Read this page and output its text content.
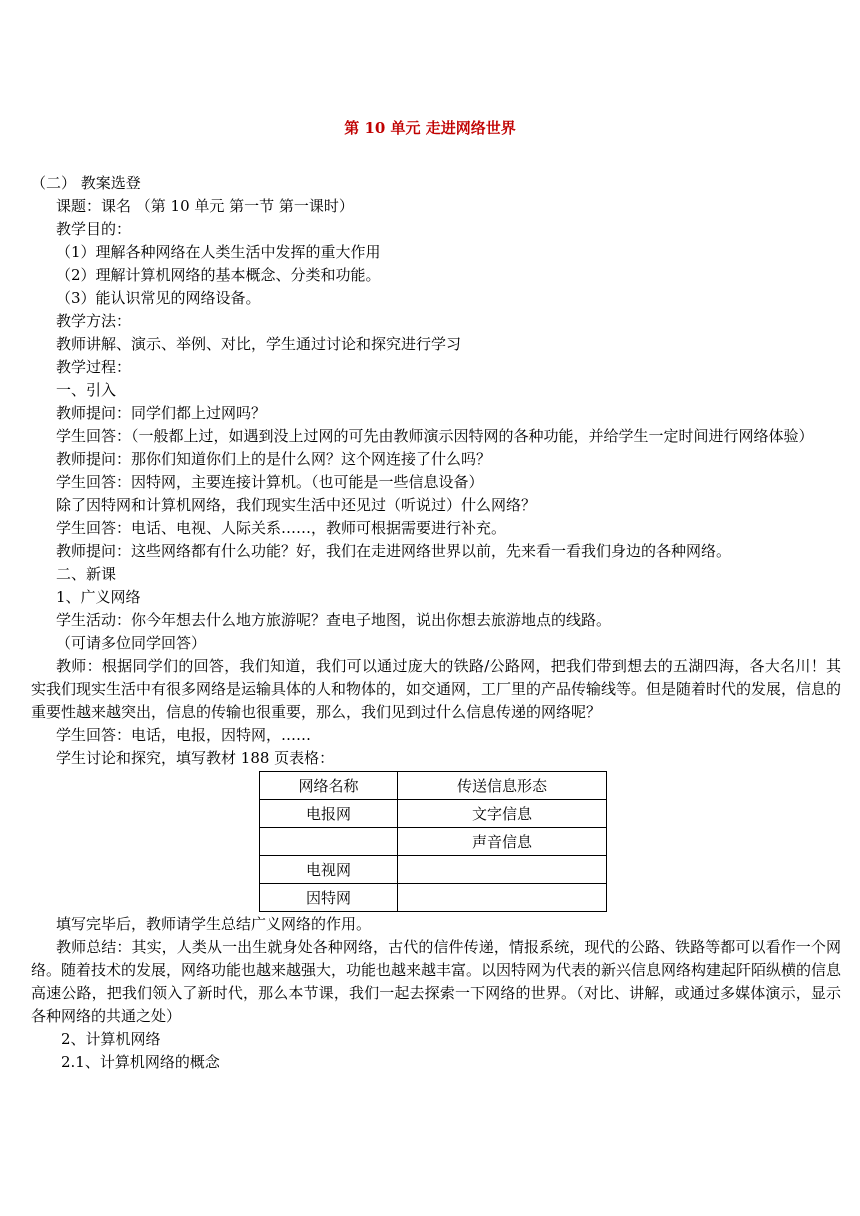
第 10 单元 走进网络世界

（二） 教案选登

课题：课名 （第 10 单元 第一节 第一课时）

教学目的：

（1）理解各种网络在人类生活中发挥的重大作用

（2）理解计算机网络的基本概念、分类和功能。

（3）能认识常见的网络设备。

教学方法：

教师讲解、演示、举例、对比，学生通过讨论和探究进行学习

教学过程：

一、引入

教师提问：同学们都上过网吗？

学生回答：（一般都上过，如遇到没上过网的可先由教师演示因特网的各种功能，并给学生一定时间进行网络体验）

教师提问：那你们知道你们上的是什么网？这个网连接了什么吗？

学生回答：因特网，主要连接计算机。（也可能是一些信息设备）

除了因特网和计算机网络，我们现实生活中还见过（听说过）什么网络？

学生回答：电话、电视、人际关系……，教师可根据需要进行补充。

教师提问：这些网络都有什么功能？好，我们在走进网络世界以前，先来看一看我们身边的各种网络。

二、新课

1、广义网络

学生活动：你今年想去什么地方旅游呢？查电子地图，说出你想去旅游地点的线路。

（可请多位同学回答）

教师：根据同学们的回答，我们知道，我们可以通过庞大的铁路/公路网，把我们带到想去的五湖四海，各大名川！其实我们现实生活中有很多网络是运输具体的人和物体的，如交通网，工厂里的产品传输线等。但是随着时代的发展，信息的重要性越来越突出，信息的传输也很重要，那么，我们见到过什么信息传递的网络呢？

学生回答：电话，电报，因特网，……

学生讨论和探究，填写教材 188 页表格：

网络名称	传送信息形态
电报网	文字信息
	声音信息
电视网	
因特网	

填写完毕后，教师请学生总结广义网络的作用。

教师总结：其实，人类从一出生就身处各种网络，古代的信件传递，情报系统，现代的公路、铁路等都可以看作一个网络。随着技术的发展，网络功能也越来越强大，功能也越来越丰富。以因特网为代表的新兴信息网络构建起阡陌纵横的信息高速公路，把我们领入了新时代，那么本节课，我们一起去探索一下网络的世界。（对比、讲解，或通过多媒体演示，显示各种网络的共通之处）

2、计算机网络

2.1、计算机网络的概念
